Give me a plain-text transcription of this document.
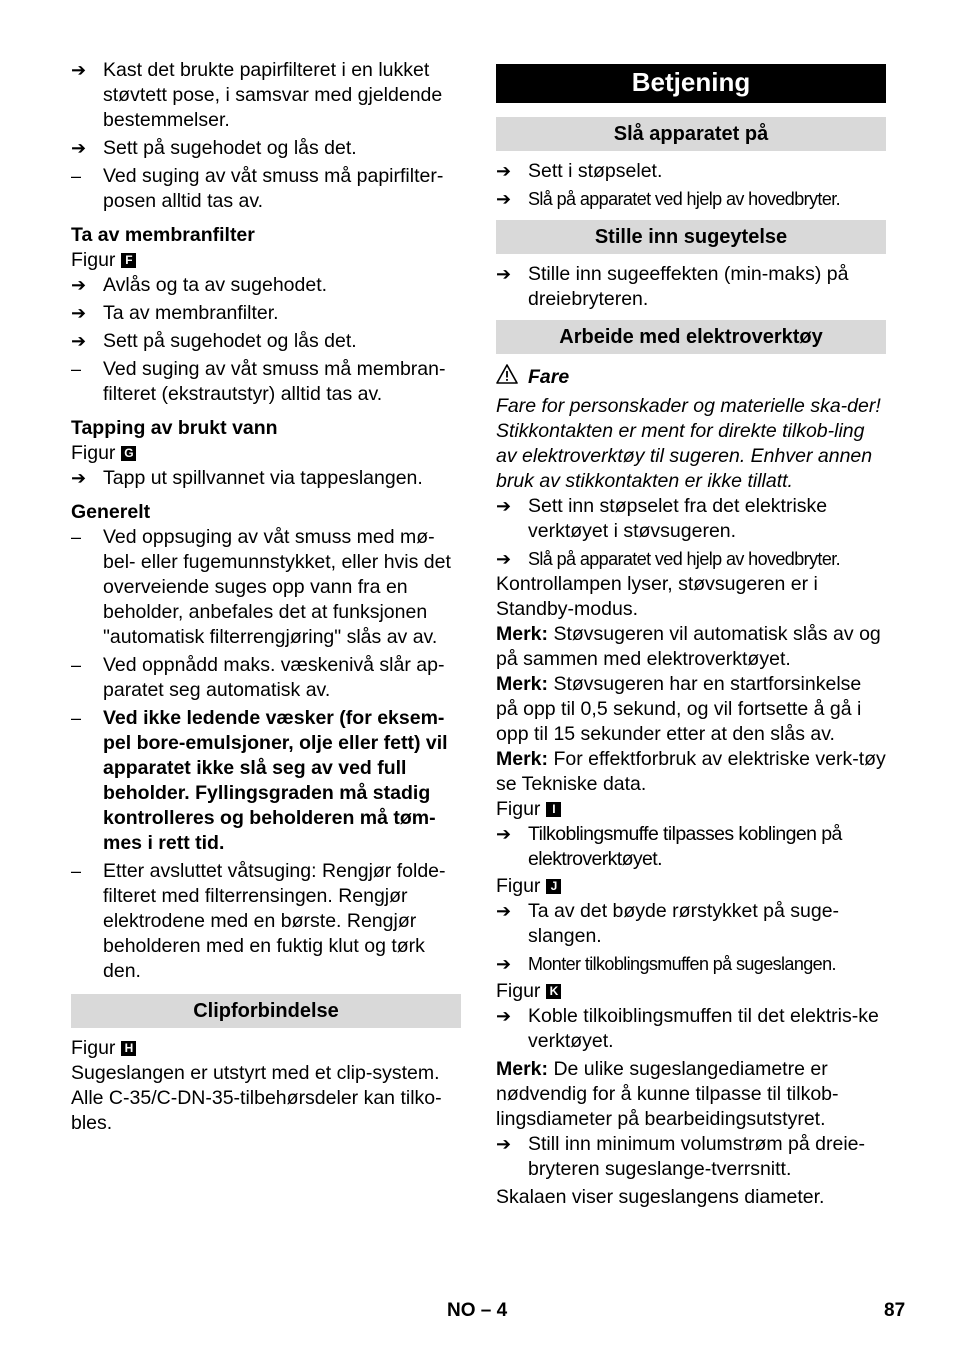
➔ Kast det brukte papirfilteret i en lukket støvtett pose, i samsvar med gjeldende bestemmelser.
➔ Sett på sugehodet og lås det.
–	Ved suging av våt smuss må papirfilter-posen alltid tas av.
Ta av membranfilter
Figur F
➔ Avlås og ta av sugehodet.
➔ Ta av membranfilter.
➔ Sett på sugehodet og lås det.
–	Ved suging av våt smuss må membran-filteret (ekstrautstyr) alltid tas av.
Tapping av brukt vann
Figur G
➔ Tapp ut spillvannet via tappeslangen.
Generelt
–	Ved oppsuging av våt smuss med mø-bel- eller fugemunnstykket, eller hvis det overveiende suges opp vann fra en beholder, anbefales det at funksjonen "automatisk filterrengjøring" slås av av.
–	Ved oppnådd maks. væskenivå slår ap-paratet seg automatisk av.
–	Ved ikke ledende væsker (for eksem-pel bore-emulsjoner, olje eller fett) vil apparatet ikke slå seg av ved full beholder. Fyllingsgraden må stadig kontrolleres og beholderen må tøm-mes i rett tid.
–	Etter avsluttet våtsuging: Rengjør folde-filteret med filterrensingen. Rengjør elektrodene med en børste. Rengjør beholderen med en fuktig klut og tørk den.
Clipforbindelse
Figur H

Sugeslangen er utstyrt med et clip-system. Alle C-35/C-DN-35-tilbehørsdeler kan tilko-bles.

Betjening
Slå apparatet på
➔ Sett i støpselet.
➔ Slå på apparatet ved hjelp av hovedbryter.
Stille inn sugeytelse
➔ Stille inn sugeeffekten (min-maks) på dreiebryteren.
Arbeide med elektroverktøy
Fare

Fare for personskader og materielle ska-der! Stikkontakten er ment for direkte tilkob-ling av elektroverktøy til sugeren. Enhver annen bruk av stikkontakten er ikke tillatt.

➔ Sett inn støpselet fra det elektriske verktøyet i støvsugeren.
➔ Slå på apparatet ved hjelp av hovedbryter.

Kontrollampen lyser, støvsugeren er i Standby-modus.

Merk: Støvsugeren vil automatisk slås av og på sammen med elektroverktøyet.

Merk: Støvsugeren har en startforsinkelse på opp til 0,5 sekund, og vil fortsette å gå i opp til 15 sekunder etter at den slås av.

Merk: For effektforbruk av elektriske verk-tøy se Tekniske data.

Figur I
➔ Tilkoblingsmuffe tilpasses koblingen på elektroverktøyet.
Figur J
➔ Ta av det bøyde rørstykket på suge-slangen.
➔ Monter tilkoblingsmuffen på sugeslangen.
Figur K
➔ Koble tilkoiblingsmuffen til det elektris-ke verktøyet.

Merk: De ulike sugeslangediametre er nødvendig for å kunne tilpasse til tilkob-lingsdiameter på bearbeidingsutstyret.

➔ Still inn minimum volumstrøm på dreie-bryteren sugeslange-tverrsnitt.

Skalaen viser sugeslangens diameter.

NO – 4	87
